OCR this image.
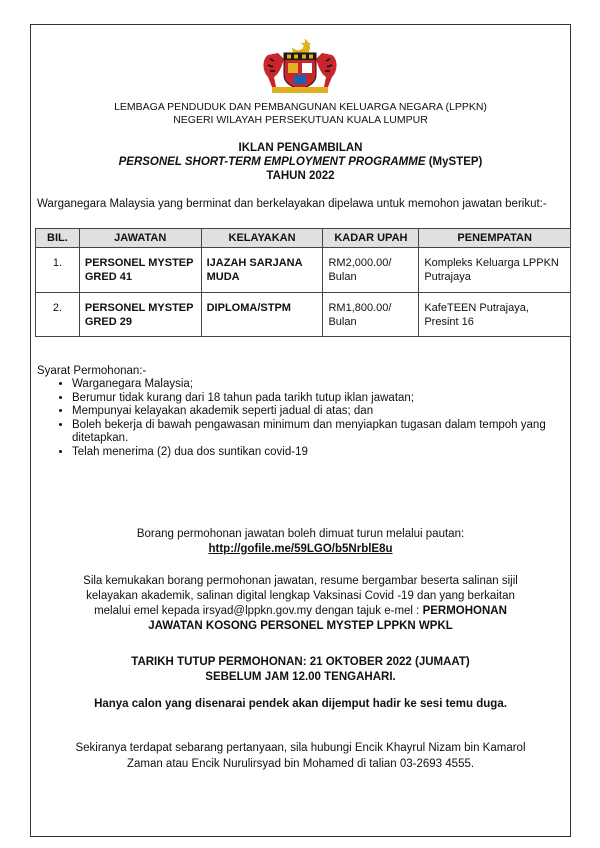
LEMBAGA PENDUDUK DAN PEMBANGUNAN KELUARGA NEGARA (LPPKN)
NEGERI WILAYAH PERSEKUTUAN KUALA LUMPUR
IKLAN PENGAMBILAN
PERSONEL SHORT-TERM EMPLOYMENT PROGRAMME (MySTEP)
TAHUN 2022
Warganegara Malaysia yang berminat dan berkelayakan dipelawa untuk memohon jawatan berikut:-
BIL.	JAWATAN	KELAYAKAN	KADAR UPAH	PENEMPATAN
1.	PERSONEL MYSTEP GRED 41	IJAZAH SARJANA MUDA	RM2,000.00/ Bulan	Kompleks Keluarga LPPKN Putrajaya
2.	PERSONEL MYSTEP GRED 29	DIPLOMA/STPM	RM1,800.00/ Bulan	KafeTEEN Putrajaya, Presint 16
Syarat Permohonan:-
• Warganegara Malaysia;
• Berumur tidak kurang dari 18 tahun pada tarikh tutup iklan jawatan;
• Mempunyai kelayakan akademik seperti jadual di atas; dan
• Boleh bekerja di bawah pengawasan minimum dan menyiapkan tugasan dalam tempoh yang ditetapkan.
• Telah menerima (2) dua dos suntikan covid-19
Borang permohonan jawatan boleh dimuat turun melalui pautan:
http://gofile.me/59LGO/b5NrblE8u
Sila kemukakan borang permohonan jawatan, resume bergambar beserta salinan sijil kelayakan akademik, salinan digital lengkap Vaksinasi Covid -19 dan yang berkaitan melalui emel kepada irsyad@lppkn.gov.my dengan tajuk e-mel : PERMOHONAN JAWATAN KOSONG PERSONEL MYSTEP LPPKN WPKL
TARIKH TUTUP PERMOHONAN: 21 OKTOBER 2022 (JUMAAT)
SEBELUM JAM 12.00 TENGAHARI.
Hanya calon yang disenarai pendek akan dijemput hadir ke sesi temu duga.
Sekiranya terdapat sebarang pertanyaan, sila hubungi Encik Khayrul Nizam bin Kamarol Zaman atau Encik Nurulirsyad bin Mohamed di talian 03-2693 4555.
